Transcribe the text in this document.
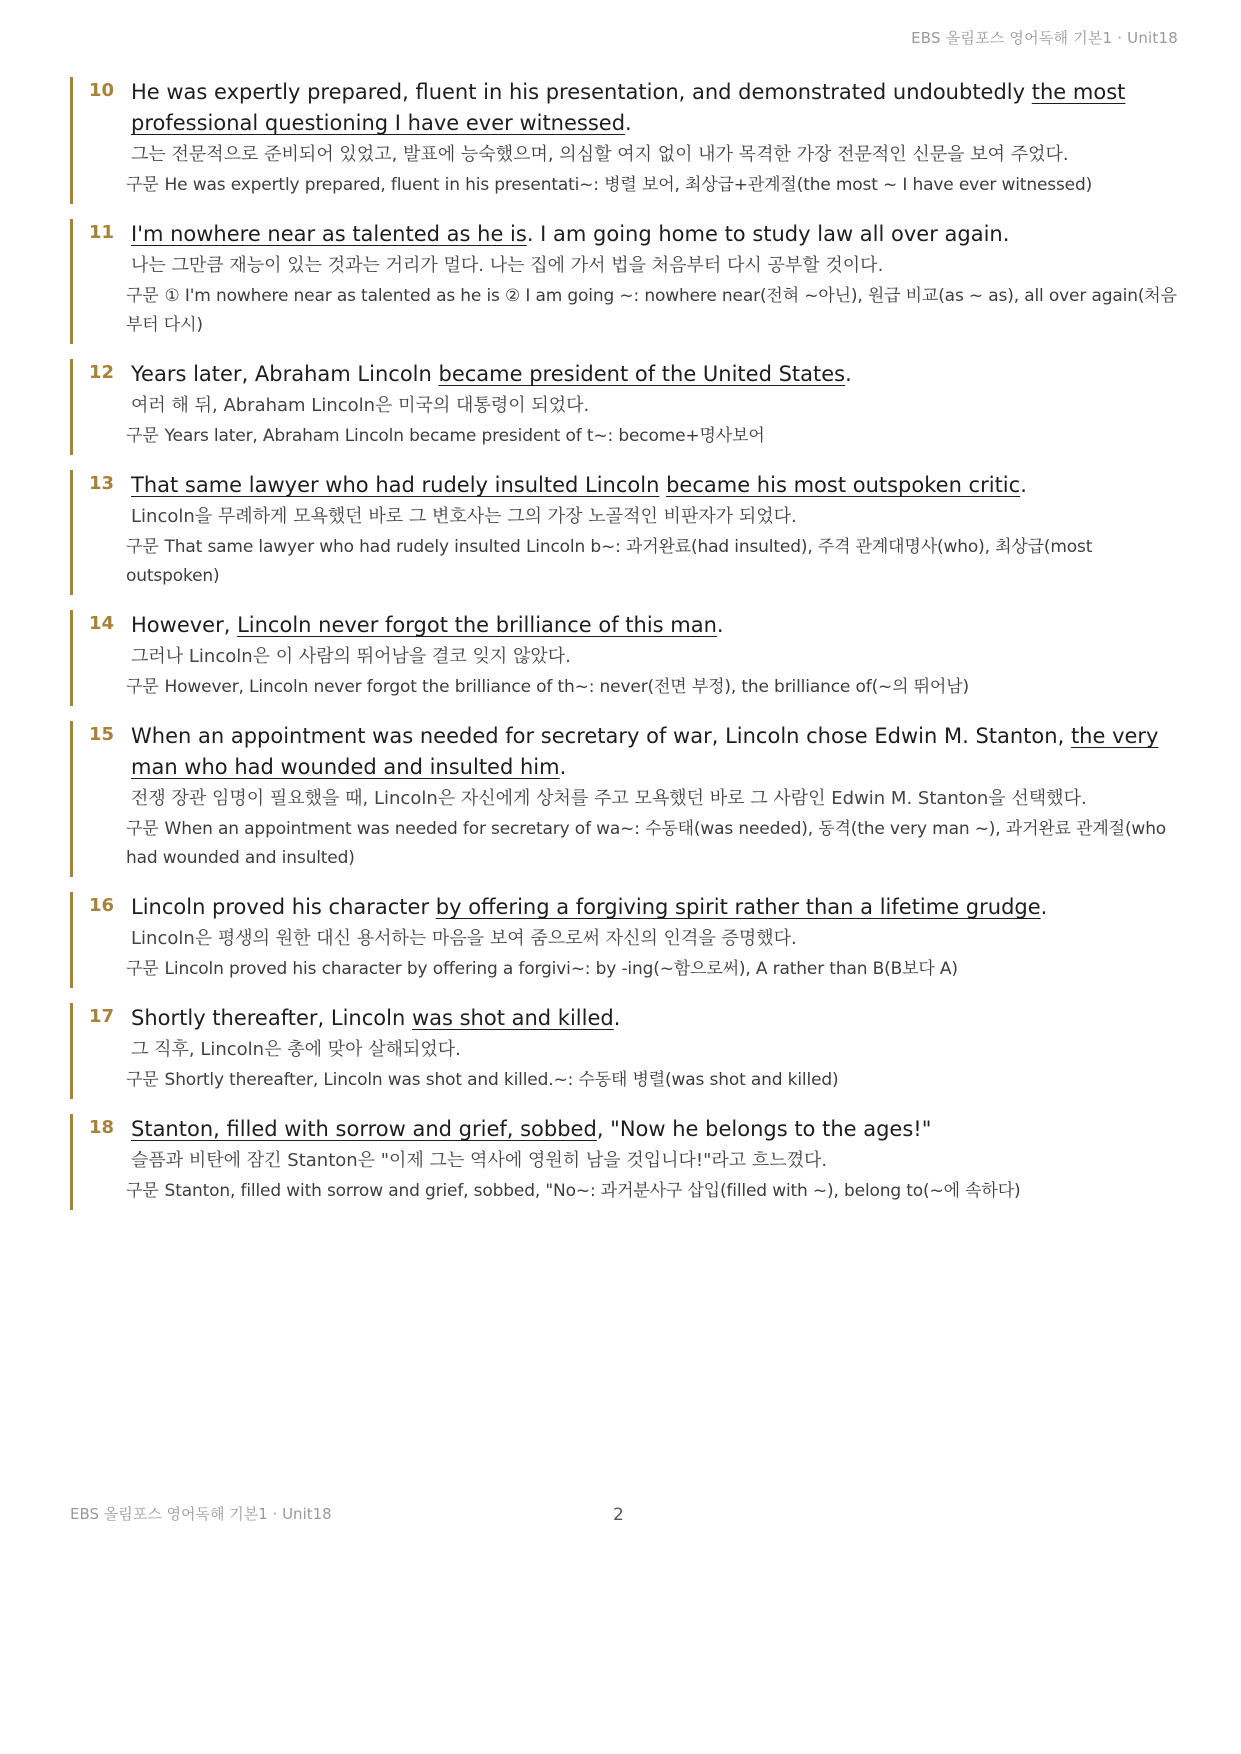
EBS 올림포스 영어독해 기본1 · Unit18
10 He was expertly prepared, fluent in his presentation, and demonstrated undoubtedly the most professional questioning I have ever witnessed.
그는 전문적으로 준비되어 있었고, 발표에 능숙했으며, 의심할 여지 없이 내가 목격한 가장 전문적인 신문을 보여 주었다.
구문 He was expertly prepared, fluent in his presentati~: 병렬 보어, 최상급+관계절(the most ~ I have ever witnessed)
11 I'm nowhere near as talented as he is. I am going home to study law all over again.
나는 그만큼 재능이 있는 것과는 거리가 멀다. 나는 집에 가서 법을 처음부터 다시 공부할 것이다.
구문 ① I'm nowhere near as talented as he is ② I am going ~: nowhere near(전혀 ~아닌), 원급 비교(as ~ as), all over again(처음부터 다시)
12 Years later, Abraham Lincoln became president of the United States.
여러 해 뒤, Abraham Lincoln은 미국의 대통령이 되었다.
구문 Years later, Abraham Lincoln became president of t~: become+명사보어
13 That same lawyer who had rudely insulted Lincoln became his most outspoken critic.
Lincoln을 무례하게 모욕했던 바로 그 변호사는 그의 가장 노골적인 비판자가 되었다.
구문 That same lawyer who had rudely insulted Lincoln b~: 과거완료(had insulted), 주격 관계대명사(who), 최상급(most outspoken)
14 However, Lincoln never forgot the brilliance of this man.
그러나 Lincoln은 이 사람의 뛰어남을 결코 잊지 않았다.
구문 However, Lincoln never forgot the brilliance of th~: never(전면 부정), the brilliance of(~의 뛰어남)
15 When an appointment was needed for secretary of war, Lincoln chose Edwin M. Stanton, the very man who had wounded and insulted him.
전쟁 장관 임명이 필요했을 때, Lincoln은 자신에게 상처를 주고 모욕했던 바로 그 사람인 Edwin M. Stanton을 선택했다.
구문 When an appointment was needed for secretary of wa~: 수동태(was needed), 동격(the very man ~), 과거완료 관계절(who had wounded and insulted)
16 Lincoln proved his character by offering a forgiving spirit rather than a lifetime grudge.
Lincoln은 평생의 원한 대신 용서하는 마음을 보여 줌으로써 자신의 인격을 증명했다.
구문 Lincoln proved his character by offering a forgivi~: by -ing(~함으로써), A rather than B(B보다 A)
17 Shortly thereafter, Lincoln was shot and killed.
그 직후, Lincoln은 총에 맞아 살해되었다.
구문 Shortly thereafter, Lincoln was shot and killed.~: 수동태 병렬(was shot and killed)
18 Stanton, filled with sorrow and grief, sobbed, "Now he belongs to the ages!"
슬픔과 비탄에 잠긴 Stanton은 "이제 그는 역사에 영원히 남을 것입니다!"라고 흐느꼈다.
구문 Stanton, filled with sorrow and grief, sobbed, "No~: 과거분사구 삽입(filled with ~), belong to(~에 속하다)
EBS 올림포스 영어독해 기본1 · Unit18	2
